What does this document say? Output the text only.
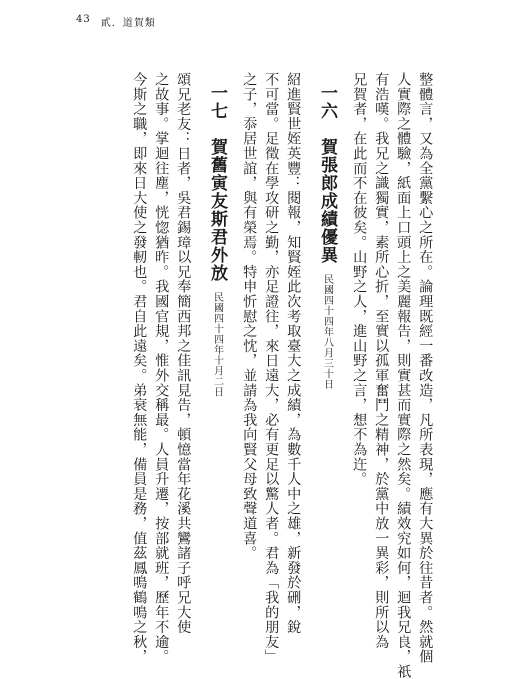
43 貳．道賀類
整體言，又為全黨繫心之所在。論理既經一番改造，凡所表現，應有大異於往昔者。然就個
人實際之體驗，紙面上口頭上之美麗報告，則實甚而實際之然矣。績效究如何，迴我兄良，祇
有浩嘆。我兄之識獨實，素所心折，至實以孤軍奮鬥之精神，於黨中放一異彩，則所以為
兄賀者，在此而不在彼矣。山野之人，進山野之言，想不為迕。
一六　賀張郎成績優異
民國四十四年八月三十日
紹進賢世姪英豐：閱報，知賢姪此次考取臺大之成績，為數千人中之雄，新發於硎，銳
不可當。足徵在學攻研之勤，亦足證往，來日遠大，必有更足以驚人者。君為「我的朋友」
之子，忝居世誼，與有榮焉。特申忻慰之忱，並請為我向賢父母致聲道喜。
一七　賀舊寅友斯君外放
民國四十四年十月二日
頌兄老友：日者，吳君錫璋以兄奉簡西邦之佳訊見告，頓憶當年花溪共鸞諸子呼兄大使
之故事。掌迴往塵，恍惚猶昨。我國官規，惟外交稱最。人員升遷，按部就班，歷年不逾。
今斯之職，即來日大使之發軔也。君自此遠矣。弟衰無能，備員是務，值茲鳳鳴鶴鳴之秋，
